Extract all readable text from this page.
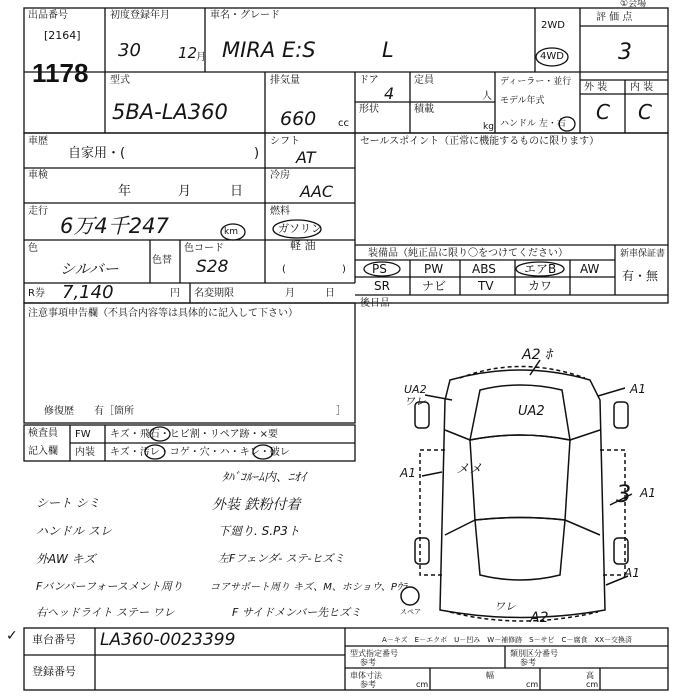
出品番号
[2164]
1178
初度登録年月
30 12
月
車名・グレード
MIRA E:S	L
2WD
4WD
評 価 点
3
①会場
型式
5BA-LA360
排気量
660 cc
ドア
4
定員
人
形状	積載
kg
ディーラー・並行
モデル年式
ハンドル 左・右
外 装 内 装
C C
車歴
自家用・(	)
シフト
AT
セールスポイント（正常に機能するものに限ります）
車検
年	月	日
冷房
AAC
走行
6万4千247	km
燃料
ガソリン
軽 油
(	)
色
シルバー	色替
色コード
S28
R券 7,140	円 名変期限	月　　　日
装備品（純正品に限り〇をつけてください）	新車保証書
有・無
PS	PW ABS エアB AW
SR	ナビ	TV	カワ
後日品
注意事項申告欄（不具合内容等は具体的に記入して下さい）
修復歴　　有［箇所	］
検査員
記入欄
FW
内装
キズ・飛石・ヒビ割・リペア跡・×要
キズ・汚レ・コゲ・穴・ハ・キレ・破レ
ﾀﾊﾞｺﾙｰﾑ内、ﾆｵｲ
シート シミ	外装 鉄粉付着
ハンドル スレ	下廻り. S.P3ト
外AW キズ	左Fフェンダ- ステ-ヒズミ
Fバンパーフォースメント周り	コアサポート周り キズ、M、ホショウ、Pｳﾗ
右ヘッドライト ステー ワレ	F サイドメンバー先ヒズミ
A2 ﾎ
UA2
ワレ
UA2
A1
A1	メメ
A1
A1
3
スペア	ワレ
A2
✓ 車台番号 LA360-0023399
登録番号
A－キズ　E－エクボ　U－凹み　W－補修跡　S－サビ　C－腐食　XX－交換済
型式指定番号
参考
類別区分番号
参考
車体寸法
参考	cm
幅
cm
高
cm
